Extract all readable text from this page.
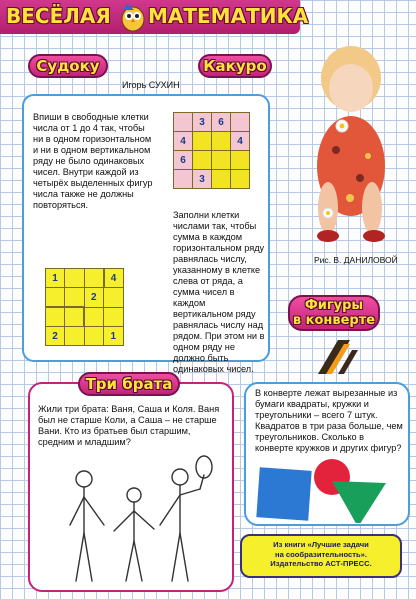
ВЕСЁЛАЯ МАТЕМАТИКА
Судоку	Какуро
Игорь СУХИН

Впиши в свободные клетки числа от 1 до 4 так, чтобы ни в одном горизонтальном и ни в одном вертикальном ряду не было одинаковых чисел. Внутри каждой из четырёх выделенных фигур числа также не должны повторяться.

	3	6	
4			4
6			
	3		

Заполни клетки числами так, чтобы сумма в каждом горизонтальном ряду равнялась числу, указанному в клетке слева от ряда, а сумма чисел в каждом вертикальном ряду равнялась числу над рядом. При этом ни в одном ряду не должно быть одинаковых чисел.

1			4
		2	

2			1
Рис. В. ДАНИЛОВОЙ
Фигуры
в конверте
Три брата

Жили три брата: Ваня, Саша и Коля. Ваня был не старше Коли, а Саша – не старше Вани. Кто из братьев был старшим, средним и младшим?

В конверте лежат вырезанные из бумаги квадраты, кружки и треугольники – всего 7 штук. Квадратов в три раза больше, чем треугольников. Сколько в конверте кружков и других фигур?

Из книги «Лучшие задачи
на сообразительность».
Издательство АСТ-ПРЕСС.
